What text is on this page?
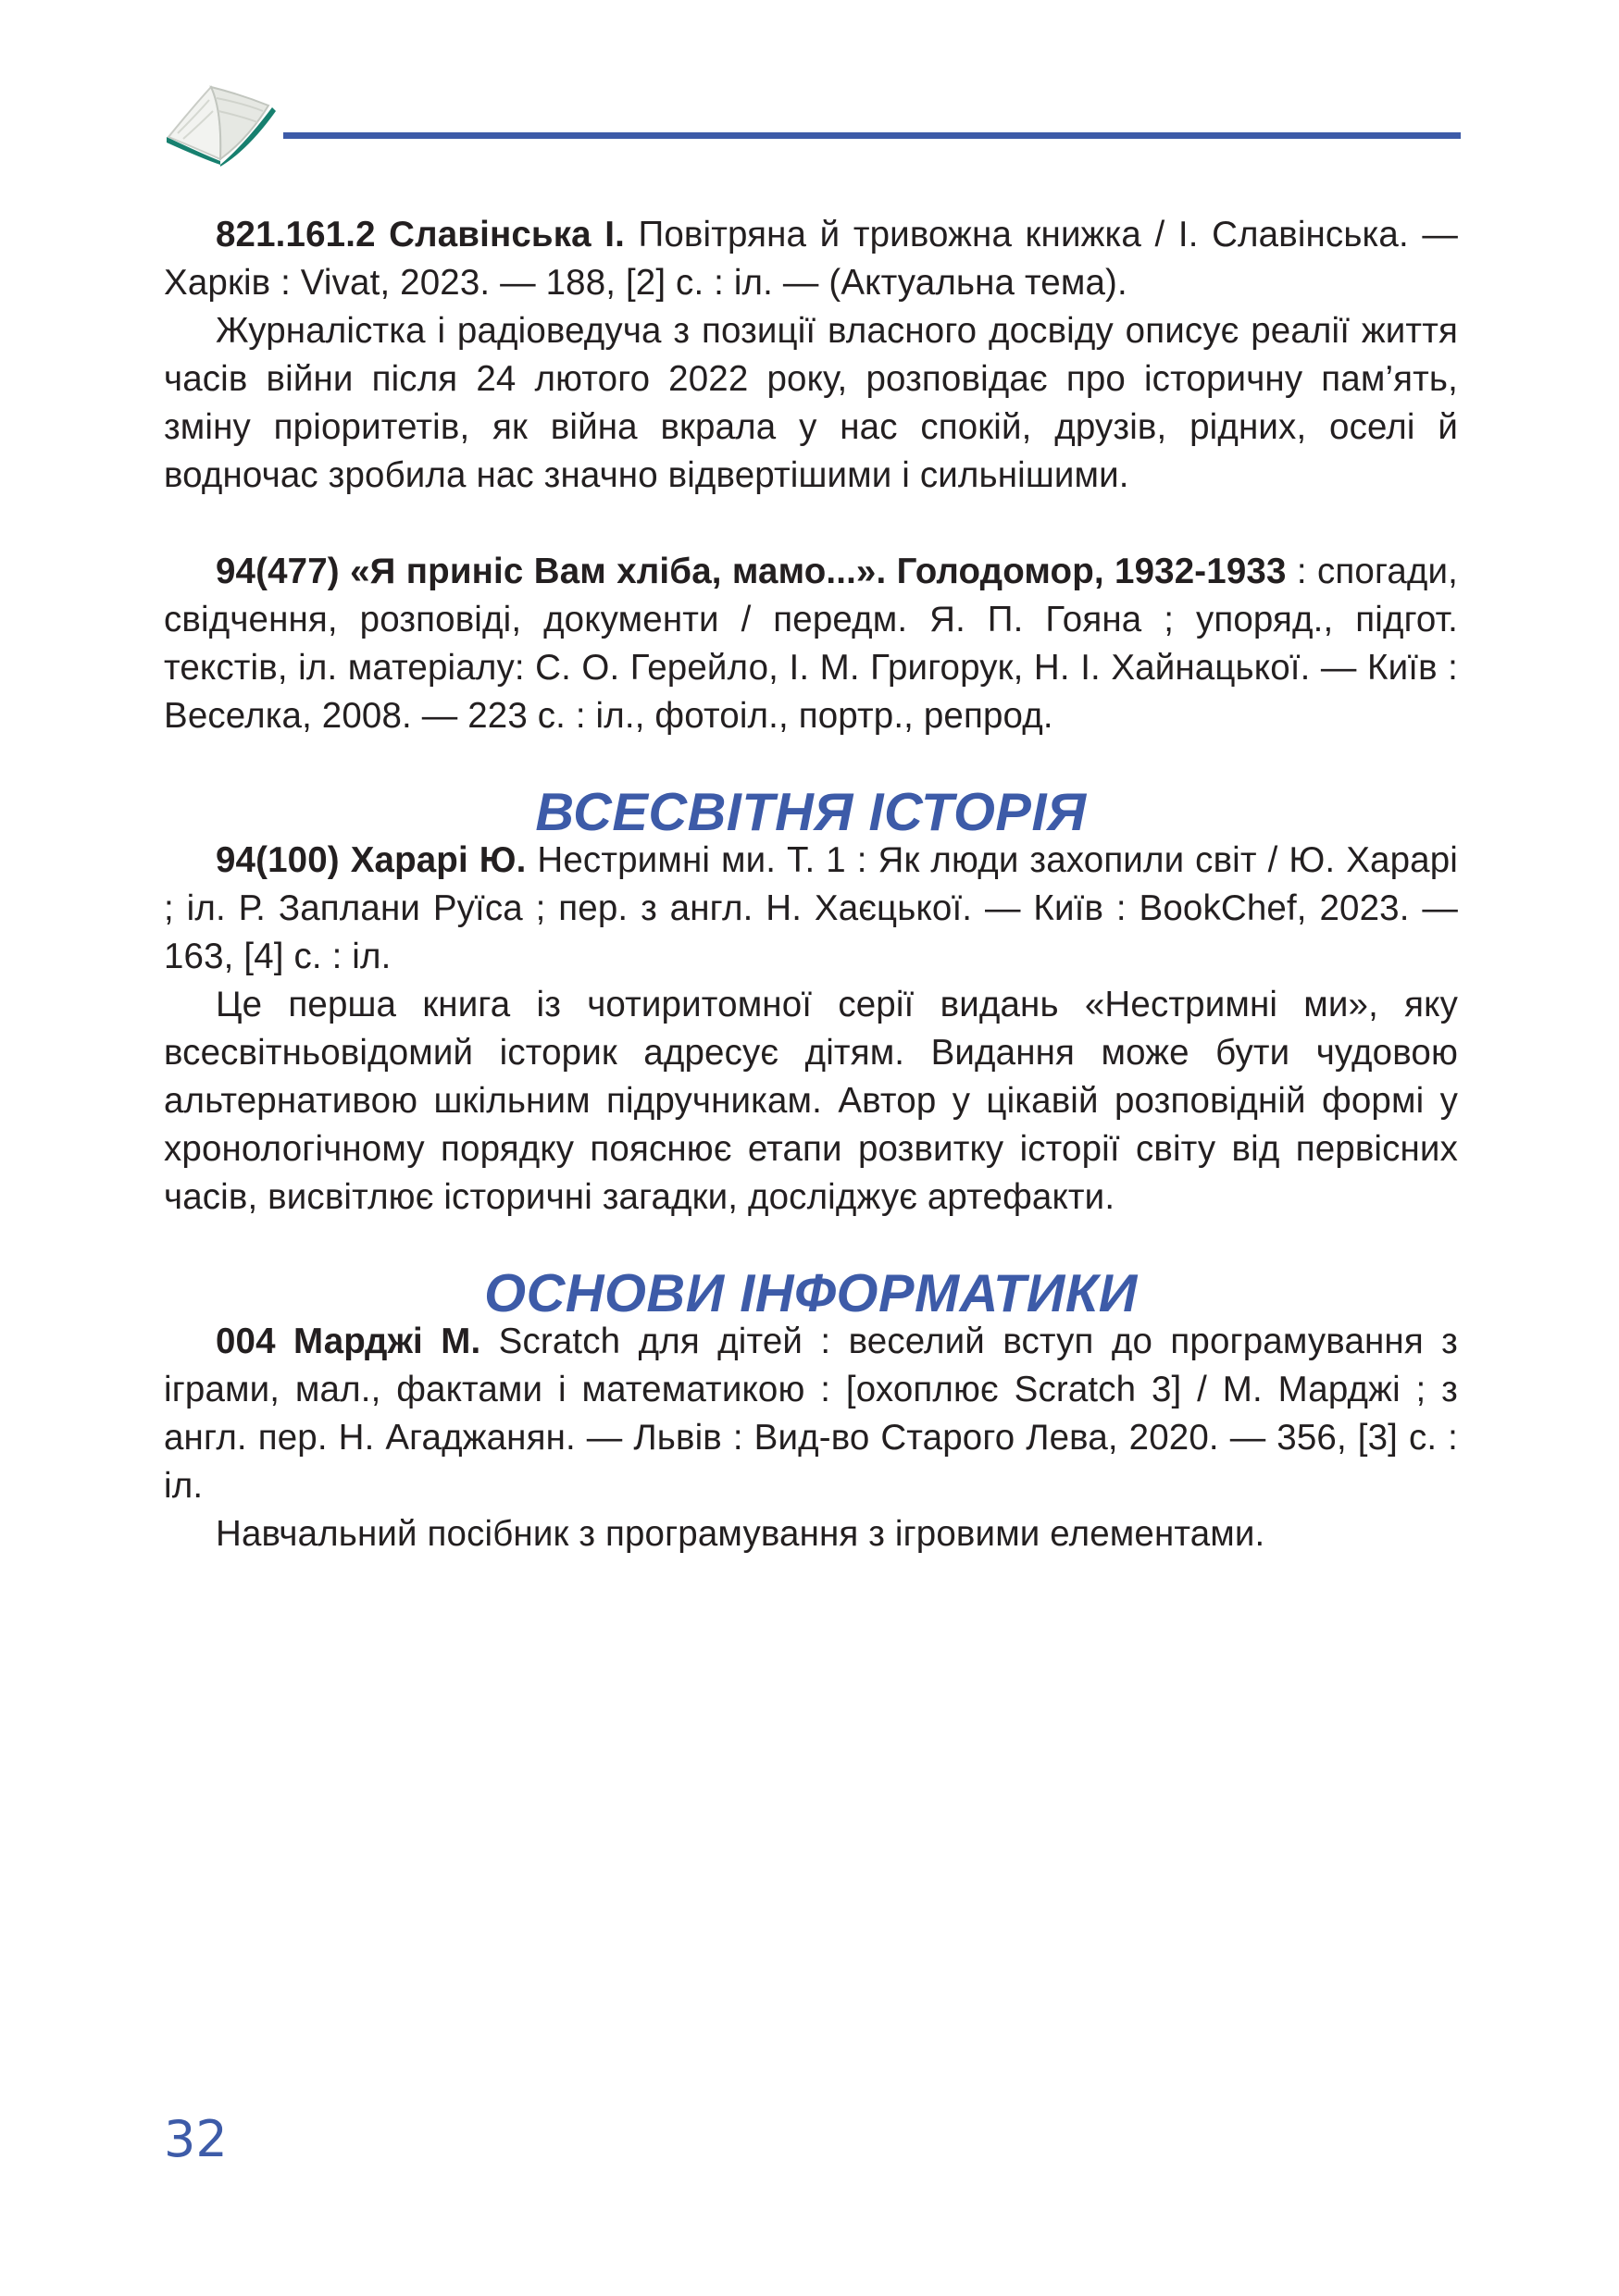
821.161.2 Славінська І. Повітряна й тривожна книжка / І. Славінська. — Харків : Vivat, 2023. — 188, [2] с. : іл. — (Актуальна тема).

Журналістка і радіоведуча з позиції власного досвіду описує реалії життя часів війни після 24 лютого 2022 року, розповідає про історичну пам’ять, зміну пріоритетів, як війна вкрала у нас спокій, друзів, рідних, оселі й водночас зробила нас значно відвертішими і сильнішими.

94(477) «Я приніс Вам хліба, мамо...». Голодомор, 1932-1933 : спогади, свідчення, розповіді, документи / передм. Я. П. Гояна ; упоряд., підгот. текстів, іл. матеріалу: С. О. Герейло, І. М. Григорук, Н. І. Хайнацької. — Київ : Веселка, 2008. — 223 с. : іл., фотоіл., портр., репрод.

ВСЕСВІТНЯ ІСТОРІЯ

94(100) Харарі Ю. Нестримні ми. Т. 1 : Як люди захопили світ / Ю. Харарі ; іл. Р. Заплани Руїса ; пер. з англ. Н. Хаєцької. — Київ : BookChef, 2023. — 163, [4] с. : іл.

Це перша книга із чотиритомної серії видань «Нестримні ми», яку всесвітньовідомий історик адресує дітям. Видання може бути чудовою альтернативою шкільним підручникам. Автор у цікавій розповідній формі у хронологічному порядку пояснює етапи розвитку історії світу від первісних часів, висвітлює історичні загадки, досліджує артефакти.

ОСНОВИ ІНФОРМАТИКИ

004 Марджі М. Scratch для дітей : веселий вступ до програмування з іграми, мал., фактами і математикою : [охоплює Scratch 3] / М. Марджі ; з англ. пер. Н. Агаджанян. — Львів : Вид-во Старого Лева, 2020. — 356, [3] с. : іл.

Навчальний посібник з програмування з ігровими елементами.

32
